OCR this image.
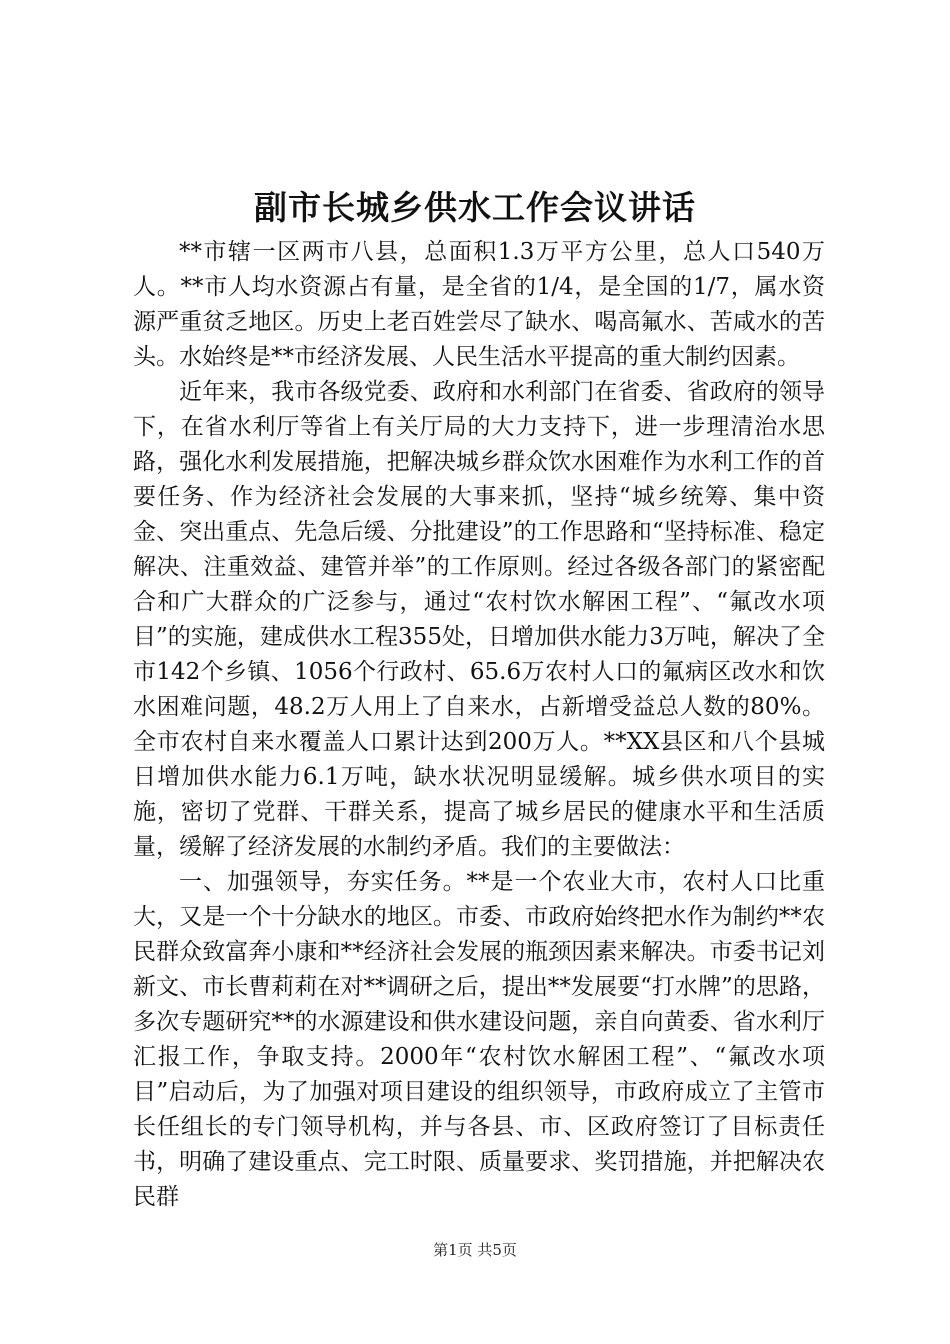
副市长城乡供水工作会议讲话

**市辖一区两市八县，总面积1.3万平方公里，总人口540万人。**市人均水资源占有量，是全省的1/4，是全国的1/7，属水资源严重贫乏地区。历史上老百姓尝尽了缺水、喝高氟水、苦咸水的苦头。水始终是**市经济发展、人民生活水平提高的重大制约因素。

近年来，我市各级党委、政府和水利部门在省委、省政府的领导下，在省水利厅等省上有关厅局的大力支持下，进一步理清治水思路，强化水利发展措施，把解决城乡群众饮水困难作为水利工作的首要任务、作为经济社会发展的大事来抓，坚持“城乡统筹、集中资金、突出重点、先急后缓、分批建设”的工作思路和“坚持标准、稳定解决、注重效益、建管并举”的工作原则。经过各级各部门的紧密配合和广大群众的广泛参与，通过“农村饮水解困工程”、“氟改水项目”的实施，建成供水工程355处，日增加供水能力3万吨，解决了全市142个乡镇、1056个行政村、65.6万农村人口的氟病区改水和饮水困难问题，48.2万人用上了自来水，占新增受益总人数的80%。全市农村自来水覆盖人口累计达到200万人。**XX县区和八个县城日增加供水能力6.1万吨，缺水状况明显缓解。城乡供水项目的实施，密切了党群、干群关系，提高了城乡居民的健康水平和生活质量，缓解了经济发展的水制约矛盾。我们的主要做法：

一、加强领导，夯实任务。**是一个农业大市，农村人口比重大，又是一个十分缺水的地区。市委、市政府始终把水作为制约**农民群众致富奔小康和**经济社会发展的瓶颈因素来解决。市委书记刘新文、市长曹莉莉在对**调研之后，提出**发展要“打水牌”的思路，多次专题研究**的水源建设和供水建设问题，亲自向黄委、省水利厅汇报工作，争取支持。2000年“农村饮水解困工程”、“氟改水项目”启动后，为了加强对项目建设的组织领导，市政府成立了主管市长任组长的专门领导机构，并与各县、市、区政府签订了目标责任书，明确了建设重点、完工时限、质量要求、奖罚措施，并把解决农民群

第1页 共5页
